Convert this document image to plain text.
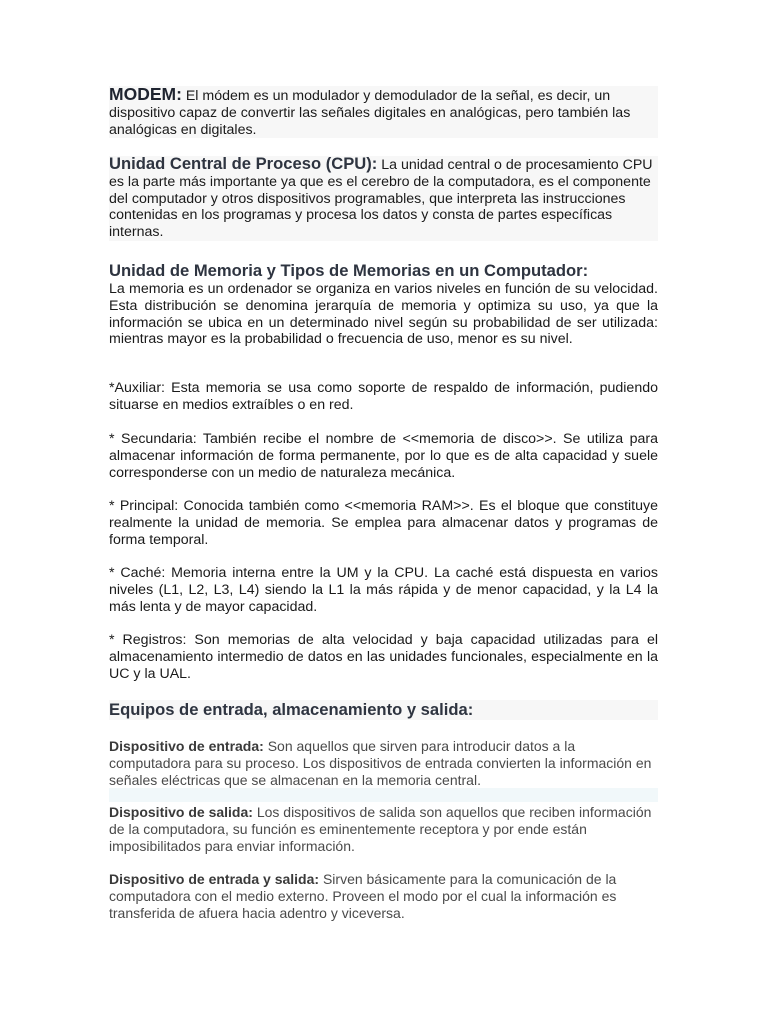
MODEM: El módem es un modulador y demodulador de la señal, es decir, un dispositivo capaz de convertir las señales digitales en analógicas, pero también las analógicas en digitales.

Unidad Central de Proceso (CPU): La unidad central o de procesamiento CPU es la parte más importante ya que es el cerebro de la computadora, es el componente del computador y otros dispositivos programables, que interpreta las instrucciones contenidas en los programas y procesa los datos y consta de partes específicas internas.

Unidad de Memoria y Tipos de Memorias en un Computador:

La memoria es un ordenador se organiza en varios niveles en función de su velocidad. Esta distribución se denomina jerarquía de memoria y optimiza su uso, ya que la información se ubica en un determinado nivel según su probabilidad de ser utilizada: mientras mayor es la probabilidad o frecuencia de uso, menor es su nivel.

*Auxiliar: Esta memoria se usa como soporte de respaldo de información, pudiendo situarse en medios extraíbles o en red.

* Secundaria: También recibe el nombre de <<memoria de disco>>. Se utiliza para almacenar información de forma permanente, por lo que es de alta capacidad y suele corresponderse con un medio de naturaleza mecánica.

* Principal: Conocida también como <<memoria RAM>>. Es el bloque que constituye realmente la unidad de memoria. Se emplea para almacenar datos y programas de forma temporal.

* Caché: Memoria interna entre la UM y la CPU. La caché está dispuesta en varios niveles (L1, L2, L3, L4) siendo la L1 la más rápida y de menor capacidad, y la L4 la más lenta y de mayor capacidad.

* Registros: Son memorias de alta velocidad y baja capacidad utilizadas para el almacenamiento intermedio de datos en las unidades funcionales, especialmente en la UC y la UAL.

Equipos de entrada, almacenamiento y salida:

Dispositivo de entrada: Son aquellos que sirven para introducir datos a la computadora para su proceso. Los dispositivos de entrada convierten la información en señales eléctricas que se almacenan en la memoria central.

Dispositivo de salida: Los dispositivos de salida son aquellos que reciben información de la computadora, su función es eminentemente receptora y por ende están imposibilitados para enviar información.

Dispositivo de entrada y salida: Sirven básicamente para la comunicación de la computadora con el medio externo. Proveen el modo por el cual la información es transferida de afuera hacia adentro y viceversa.
